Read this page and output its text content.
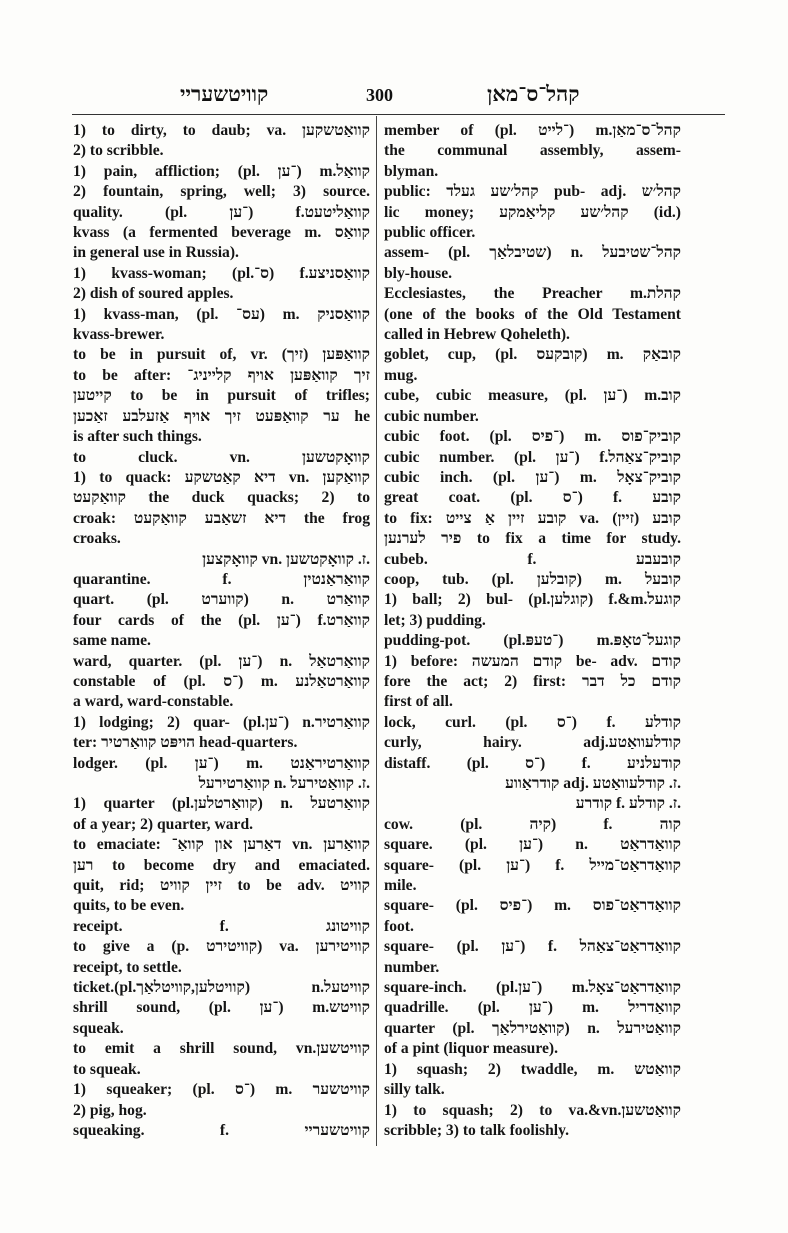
קוויטשעריי	300	קהל־ס־מאן
1) to dirty, to daub; va. קוואַטשקען
2) to scribble.
1) pain, affliction; (pl. ־ען) m.קוואַל
2) fountain, spring, well; 3) source.
quality. (pl. ־ען) f.קוואַליטעט
kvass (a fermented beverage m. קוואַס
in general use in Russia).
1) kvass-woman; (pl.ס־) f.קוואַסניצע
2) dish of soured apples.
1) kvass-man, (pl. עס־) m. קוואַסניק
kvass-brewer.
to be in pursuit of, vr. (זיך) קוואַפּען
to be after: זיך קוואַפּען אויף קלייניג־
קייטען to be in pursuit of trifles;
ער קוואַפּעט זיך אויף אַזעלבע זאַכען he
is after such things.
to cluck. vn. קוואָקטשען
1) to quack: דיא קאַטשקע vn. קוואַקען
קוואַקעט the duck quacks; 2) to
croak: דיא זשאַבע קוואַקעט the frog
croaks.
קוואָקצען vn. ז. קוואָקטשען.
quarantine. f. קוואַראַנטין
quart. (pl. קווערט) n. קוואַרט
four cards of the (pl. ־ען) f.קוואַרט
same name.
ward, quarter. (pl. ־ען) n. קוואַרטאַל
constable of (pl. ־ס) m. קוואַרטאַלנע
a ward, ward-constable.
1) lodging; 2) quar- (pl.־ען) n.קוואַרטיר
ter: הויפּט קוואַרטיר head-quarters.
lodger. (pl. ־ען) m. קוואַרטיראַנט
קוואַרטירעל n. ז. קוואַטירעל.
1) quarter (pl.קוואַרטלען) n. קוואַרטעל
of a year; 2) quarter, ward.
to emaciate: דאַרען און קוואַ־ vn. קוואַרען
רען to become dry and emaciated.
quit, rid; זיין קוויט to be adv. קוויט
quits, to be even.
receipt. f. קוויטונג
to give a (p. קוויטירט) va. קוויטירען
receipt, to settle.
ticket.(pl.קוויטלען,קוויטלאַך) n.קוויטעל
shrill sound, (pl. ־ען) m.קוויטש
squeak.
to emit a shrill sound, vn.קוויטשען
to squeak.
1) squeaker; (pl. ־ס) m. קוויטשער
2) pig, hog.
squeaking. f. קוויטשעריי
member of (pl. ־לייט) m.קהל־ס־מאַן
the communal assembly, assem-
blyman.
public: קהל׳שע געלד pub- adj. קהל׳ש
lic money; קהל׳שע קליאַמקע (id.)
public officer.
assem- (pl. שטיבלאַך) n. קהל־שטיבעל
bly-house.
Ecclesiastes, the Preacher m.קהלת
(one of the books of the Old Testament
called in Hebrew Qoheleth).
goblet, cup, (pl. קובקעס) m. קובאַק
mug.
cube, cubic measure, (pl. ־ען) m.קוב
cubic number.
cubic foot. (pl. ־פיס) m. קוביק־פוס
cubic number. (pl. ־ען) f.קוביק־צאַהל
cubic inch. (pl. ־ען) m. קוביק־צאָל
great coat. (pl. ־ס) f. קובע
to fix: קובע זיין אַ צייט va. (זיין) קובע
פיר לערנען to fix a time for study.
cubeb. f. קובעבע
coop, tub. (pl. קובלען) m. קובעל
1) ball; 2) bul- (pl.קוגלען) f.&m.קוגעל
let; 3) pudding.
pudding-pot. (pl.־טעפּ) m.קוגעל־טאָפּ
1) before: קודם המעשה be- adv. קודם
fore the act; 2) first: קודם כל דבר
first of all.
lock, curl. (pl. ־ס) f. קודלע
curly, hairy. adj.קודלעוואַטע
distaff. (pl. ־ס) f. קודעלניע
קודראַווע adj. ז. קודלעוואַטע.
קודרע f. ז. קודלע.
cow. (pl. קיה) f. קוה
square. (pl. ־ען) n. קוואַדראַט
square- (pl. ־ען) f. קוואַדראַט־מייל
mile.
square- (pl. ־פיס) m. קוואַדראַט־פוס
foot.
square- (pl. ־ען) f. קוואַדראַט־צאַהל
number.
square-inch. (pl.־ען) m.קוואַדראַט־צאָל
quadrille. (pl. ־ען) m. קוואַדריל
quarter (pl. קוואַטירלאַך) n. קוואַטירעל
of a pint (liquor measure).
1) squash; 2) twaddle, m. קוואַטש
silly talk.
1) to squash; 2) to va.&vn.קוואַטשען
scribble; 3) to talk foolishly.
